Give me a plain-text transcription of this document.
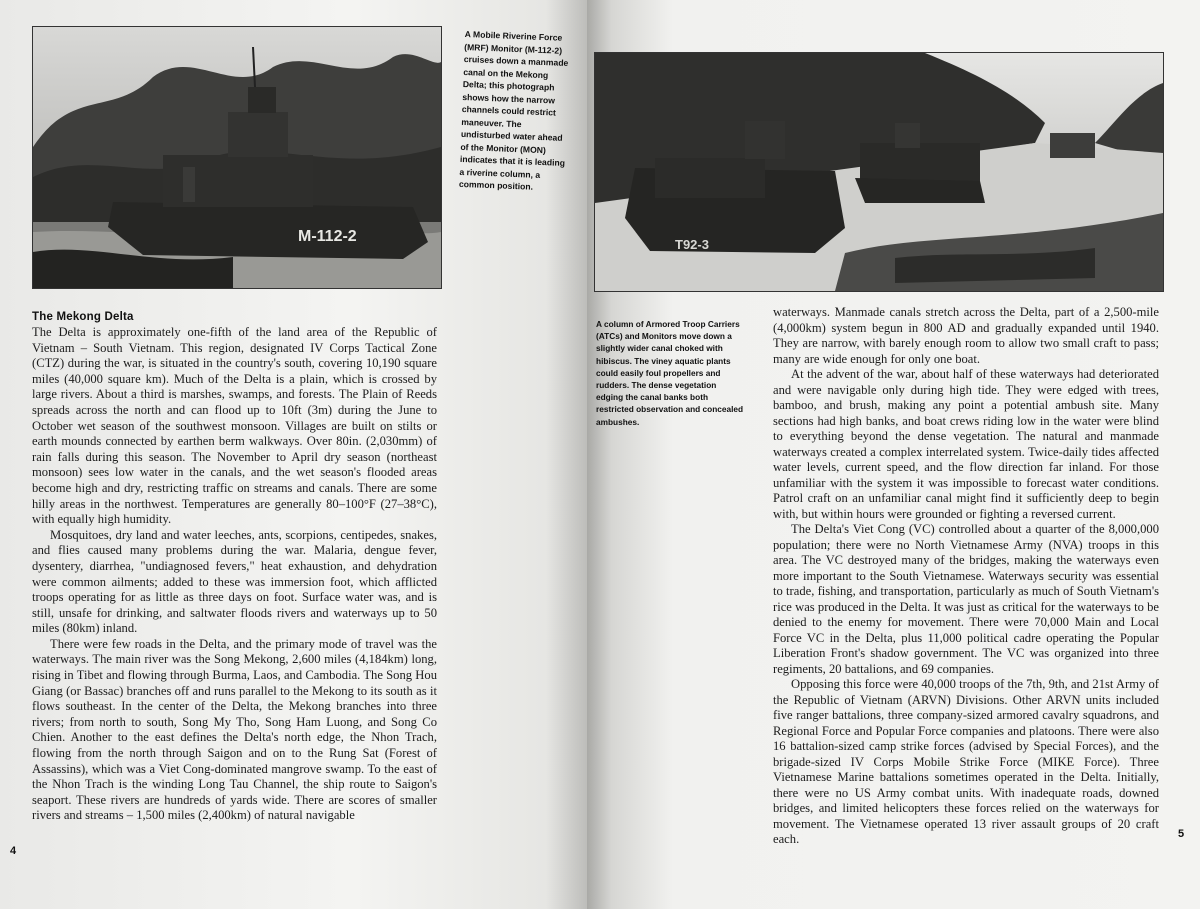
M-112-2

A Mobile Riverine Force (MRF) Monitor (M-112-2) cruises down a manmade canal on the Mekong Delta; this photograph shows how the narrow channels could restrict maneuver. The undisturbed water ahead of the Monitor (MON) indicates that it is leading a riverine column, a common position.

The Mekong Delta

The Delta is approximately one-fifth of the land area of the Republic of Vietnam – South Vietnam. This region, designated IV Corps Tactical Zone (CTZ) during the war, is situated in the country's south, covering 10,190 square miles (40,000 square km). Much of the Delta is a plain, which is crossed by large rivers. About a third is marshes, swamps, and forests. The Plain of Reeds spreads across the north and can flood up to 10ft (3m) during the June to October wet season of the southwest monsoon. Villages are built on stilts or earth mounds connected by earthen berm walkways. Over 80in. (2,030mm) of rain falls during this season. The November to April dry season (northeast monsoon) sees low water in the canals, and the wet season's flooded areas become high and dry, restricting traffic on streams and canals. There are some hilly areas in the northwest. Temperatures are generally 80–100°F (27–38°C), with equally high humidity.

Mosquitoes, dry land and water leeches, ants, scorpions, centipedes, snakes, and flies caused many problems during the war. Malaria, dengue fever, dysentery, diarrhea, "undiagnosed fevers," heat exhaustion, and dehydration were common ailments; added to these was immersion foot, which afflicted troops operating for as little as three days on foot. Surface water was, and is still, unsafe for drinking, and saltwater floods rivers and waterways up to 50 miles (80km) inland.

There were few roads in the Delta, and the primary mode of travel was the waterways. The main river was the Song Mekong, 2,600 miles (4,184km) long, rising in Tibet and flowing through Burma, Laos, and Cambodia. The Song Hou Giang (or Bassac) branches off and runs parallel to the Mekong to its south as it flows southeast. In the center of the Delta, the Mekong branches into three rivers; from north to south, Song My Tho, Song Ham Luong, and Song Co Chien. Another to the east defines the Delta's north edge, the Nhon Trach, flowing from the north through Saigon and on to the Rung Sat (Forest of Assassins), which was a Viet Cong-dominated mangrove swamp. To the east of the Nhon Trach is the winding Long Tau Channel, the ship route to Saigon's seaport. These rivers are hundreds of yards wide. There are scores of smaller rivers and streams – 1,500 miles (2,400km) of natural navigable

4
T92-3

A column of Armored Troop Carriers (ATCs) and Monitors move down a slightly wider canal choked with hibiscus. The viney aquatic plants could easily foul propellers and rudders. The dense vegetation edging the canal banks both restricted observation and concealed ambushes.

waterways. Manmade canals stretch across the Delta, part of a 2,500-mile (4,000km) system begun in 800 AD and gradually expanded until 1940. They are narrow, with barely enough room to allow two small craft to pass; many are wide enough for only one boat.

At the advent of the war, about half of these waterways had deteriorated and were navigable only during high tide. They were edged with trees, bamboo, and brush, making any point a potential ambush site. Many sections had high banks, and boat crews riding low in the water were blind to everything beyond the dense vegetation. The natural and manmade waterways created a complex interrelated system. Twice-daily tides affected water levels, current speed, and the flow direction far inland. For those unfamiliar with the system it was impossible to forecast water conditions. Patrol craft on an unfamiliar canal might find it sufficiently deep to begin with, but within hours were grounded or fighting a reversed current.

The Delta's Viet Cong (VC) controlled about a quarter of the 8,000,000 population; there were no North Vietnamese Army (NVA) troops in this area. The VC destroyed many of the bridges, making the waterways even more important to the South Vietnamese. Waterways security was essential to trade, fishing, and transportation, particularly as much of South Vietnam's rice was produced in the Delta. It was just as critical for the waterways to be denied to the enemy for movement. There were 70,000 Main and Local Force VC in the Delta, plus 11,000 political cadre operating the Popular Liberation Front's shadow government. The VC was organized into three regiments, 20 battalions, and 69 companies.

Opposing this force were 40,000 troops of the 7th, 9th, and 21st Army of the Republic of Vietnam (ARVN) Divisions. Other ARVN units included five ranger battalions, three company-sized armored cavalry squadrons, and Regional Force and Popular Force companies and platoons. There were also 16 battalion-sized camp strike forces (advised by Special Forces), and the brigade-sized IV Corps Mobile Strike Force (MIKE Force). Three Vietnamese Marine battalions sometimes operated in the Delta. Initially, there were no US Army combat units. With inadequate roads, downed bridges, and limited helicopters these forces relied on the waterways for movement. The Vietnamese operated 13 river assault groups of 20 craft each.	5
